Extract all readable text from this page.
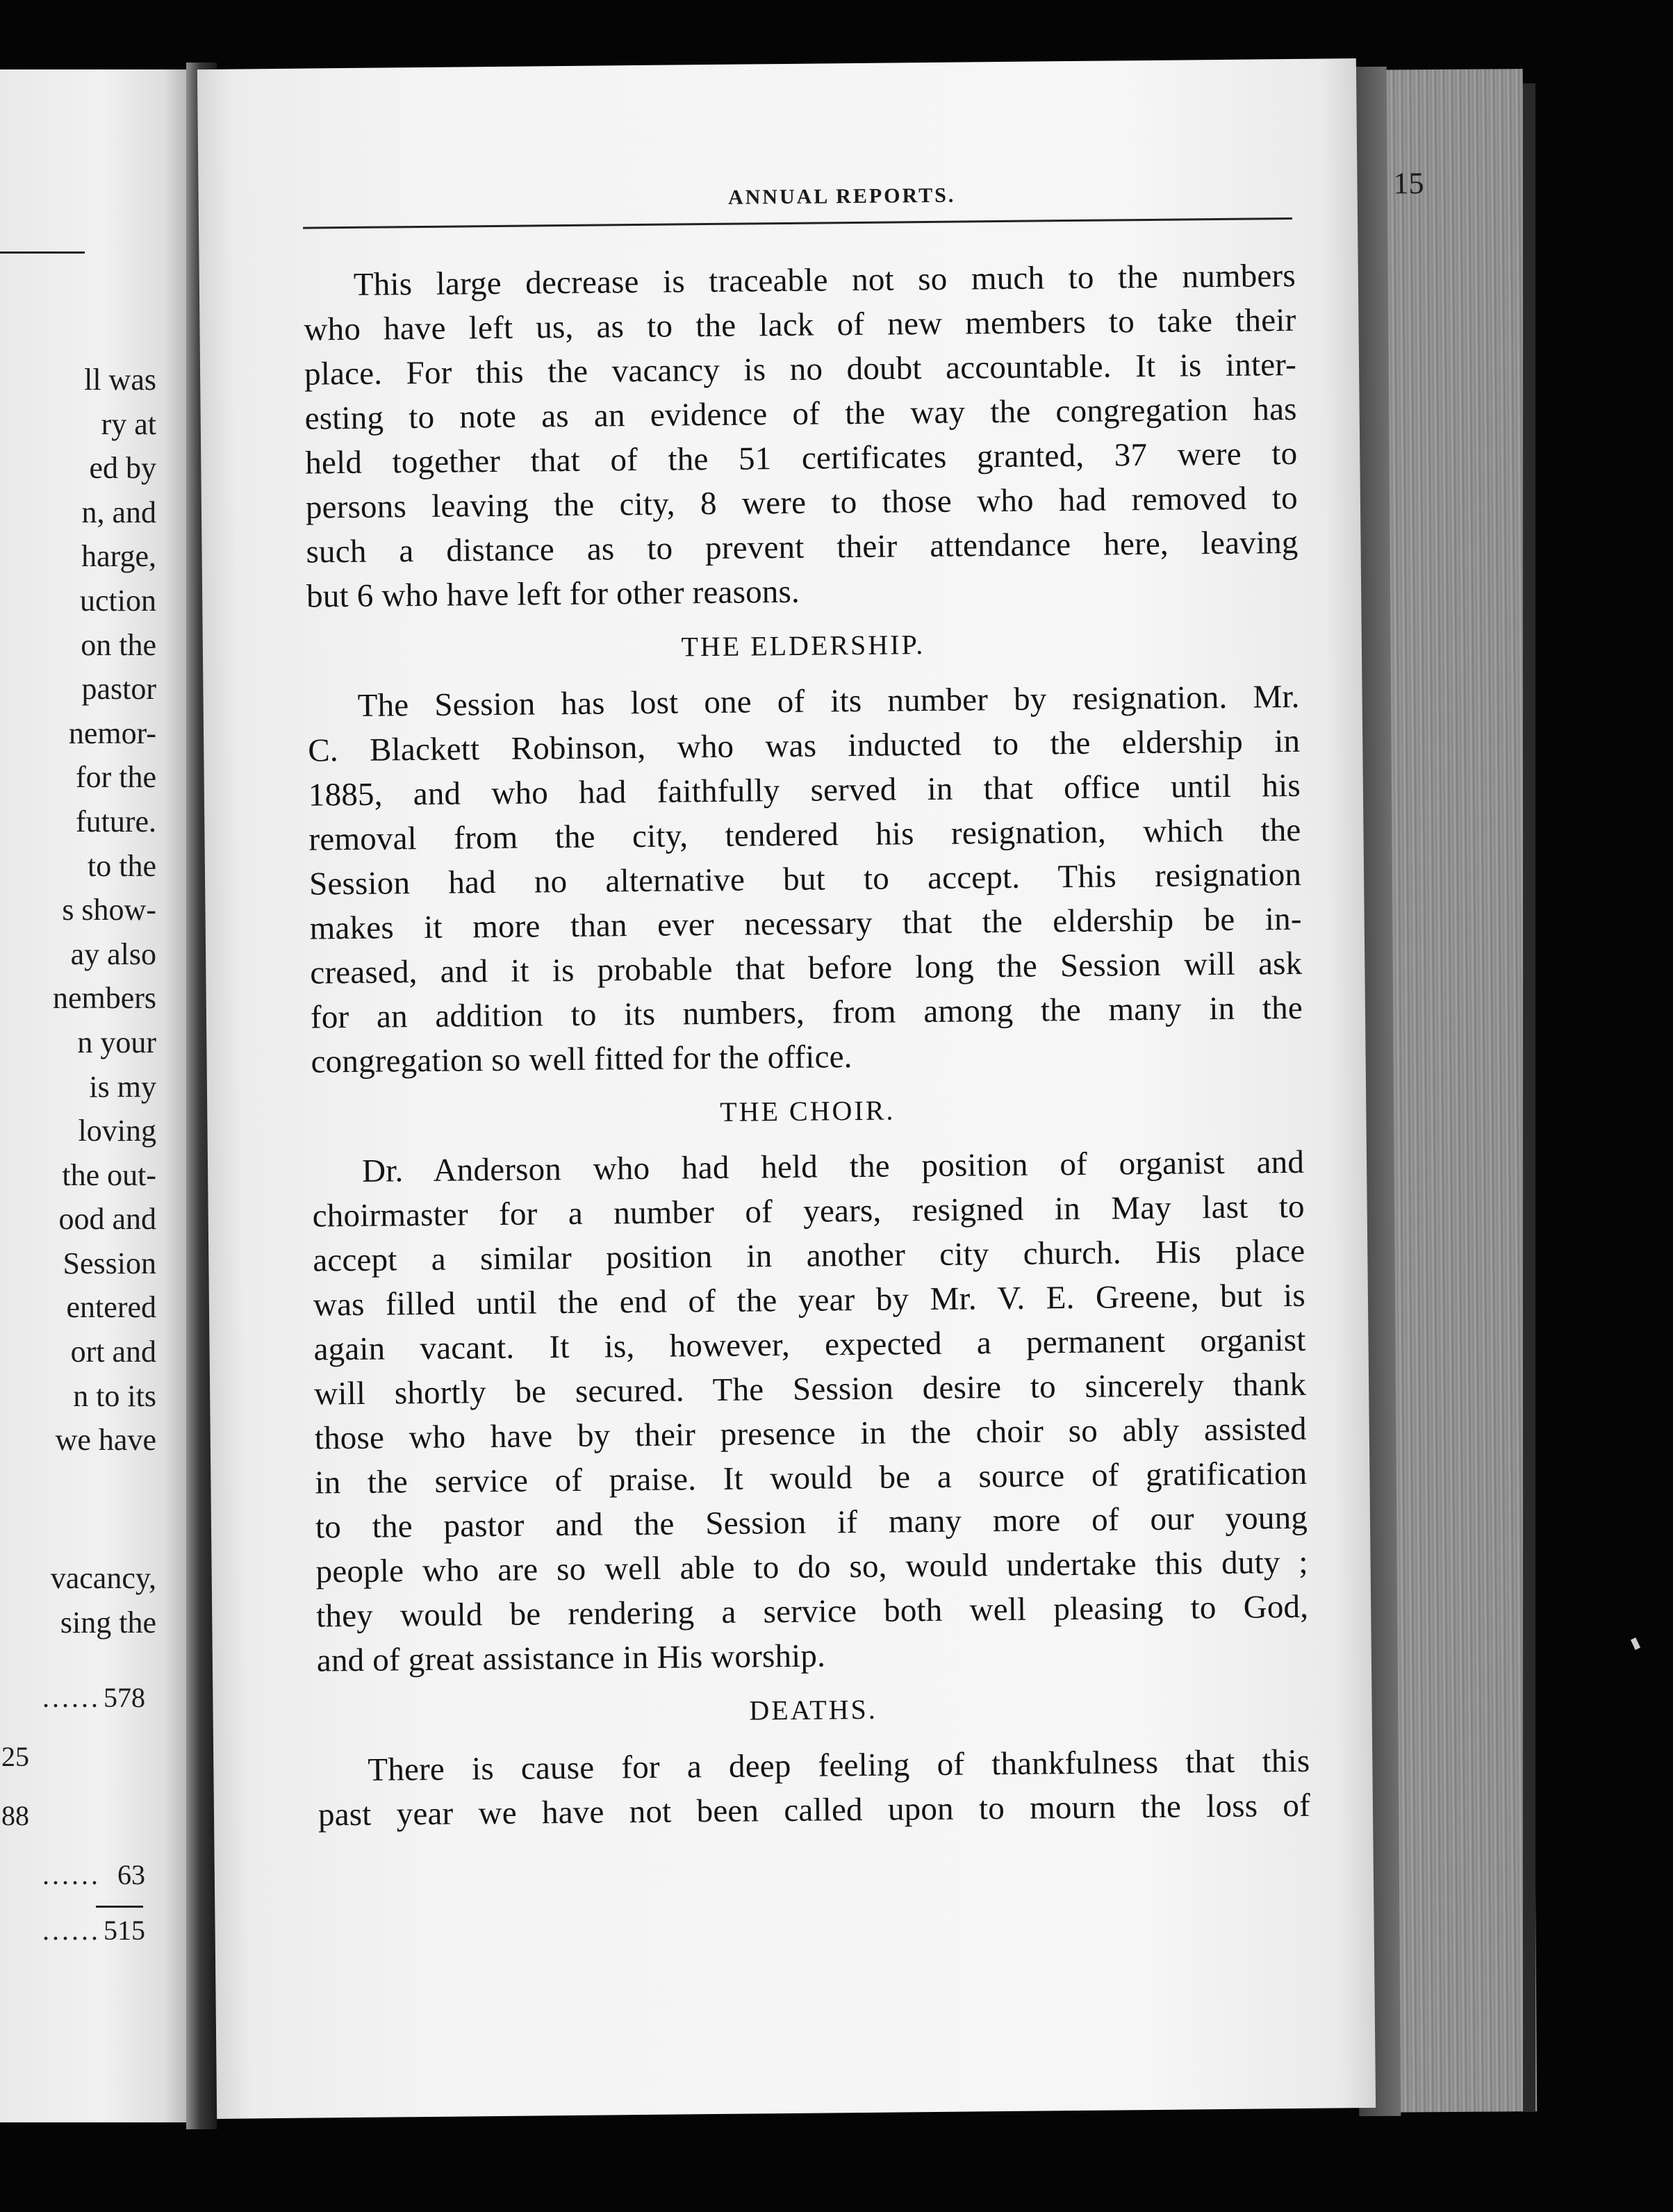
ll was
ry at
ed by
n, and
harge,
uction
on the
pastor
nemor-
for the
future.
to the
s show-
ay also
nembers
n your
is my
loving
the out-
ood and
Session
entered
ort and
n to its
we have
vacancy,
sing the
...... 578
25
88
...... 63
...... 515
ANNUAL REPORTS.	15
This large decrease is traceable not so much to the numbers
who have left us, as to the lack of new members to take their
place. For this the vacancy is no doubt accountable. It is inter-
esting to note as an evidence of the way the congregation has
held together that of the 51 certificates granted, 37 were to
persons leaving the city, 8 were to those who had removed to
such a distance as to prevent their attendance here, leaving
but 6 who have left for other reasons.
THE ELDERSHIP.
The Session has lost one of its number by resignation. Mr.
C. Blackett Robinson, who was inducted to the eldership in
1885, and who had faithfully served in that office until his
removal from the city, tendered his resignation, which the
Session had no alternative but to accept. This resignation
makes it more than ever necessary that the eldership be in-
creased, and it is probable that before long the Session will ask
for an addition to its numbers, from among the many in the
congregation so well fitted for the office.
THE CHOIR.
Dr. Anderson who had held the position of organist and
choirmaster for a number of years, resigned in May last to
accept a similar position in another city church. His place
was filled until the end of the year by Mr. V. E. Greene, but is
again vacant. It is, however, expected a permanent organist
will shortly be secured. The Session desire to sincerely thank
those who have by their presence in the choir so ably assisted
in the service of praise. It would be a source of gratification
to the pastor and the Session if many more of our young
people who are so well able to do so, would undertake this duty ;
they would be rendering a service both well pleasing to God,
and of great assistance in His worship.
DEATHS.
There is cause for a deep feeling of thankfulness that this
past year we have not been called upon to mourn the loss of
